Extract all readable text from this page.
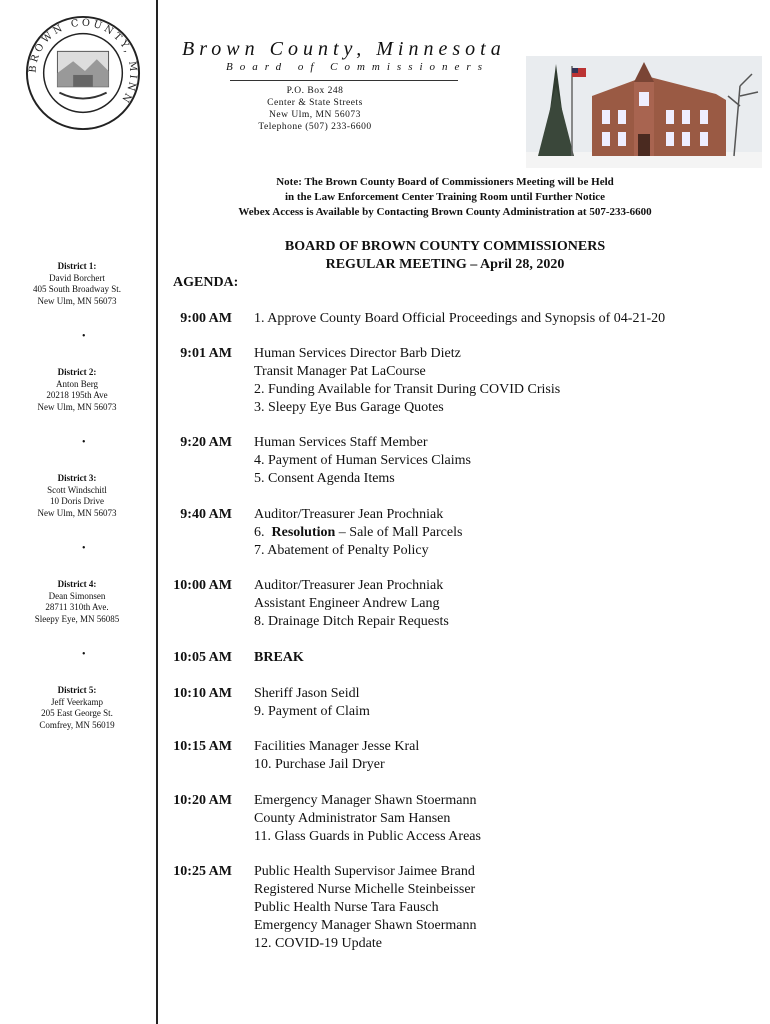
BROWN COUNTY, MINN
Brown County, Minnesota
Board of Commissioners
P.O. Box 248
Center & State Streets
New Ulm, MN 56073
Telephone (507) 233-6600
Note: The Brown County Board of Commissioners Meeting will be Held
in the Law Enforcement Center Training Room until Further Notice
Webex Access is Available by Contacting Brown County Administration at 507-233-6600
BOARD OF BROWN COUNTY COMMISSIONERS
REGULAR MEETING – April 28, 2020
AGENDA:
District 1:
David Borchert
405 South Broadway St.
New Ulm, MN 56073
•
District 2:
Anton Berg
20218 195th Ave
New Ulm, MN 56073
•
District 3:
Scott Windschitl
10 Doris Drive
New Ulm, MN 56073
•
District 4:
Dean Simonsen
28711 310th Ave.
Sleepy Eye, MN 56085
•
District 5:
Jeff Veerkamp
205 East George St.
Comfrey, MN 56019
9:00 AM 1. Approve County Board Official Proceedings and Synopsis of 04-21-20
9:01 AM Human Services Director Barb Dietz
Transit Manager Pat LaCourse
2. Funding Available for Transit During COVID Crisis
3. Sleepy Eye Bus Garage Quotes
9:20 AM Human Services Staff Member
4. Payment of Human Services Claims
5. Consent Agenda Items
9:40 AM Auditor/Treasurer Jean Prochniak
6.  Resolution – Sale of Mall Parcels
7. Abatement of Penalty Policy
10:00 AM Auditor/Treasurer Jean Prochniak
Assistant Engineer Andrew Lang
8. Drainage Ditch Repair Requests
10:05 AM BREAK
10:10 AM Sheriff Jason Seidl
9. Payment of Claim
10:15 AM Facilities Manager Jesse Kral
10. Purchase Jail Dryer
10:20 AM Emergency Manager Shawn Stoermann
County Administrator Sam Hansen
11. Glass Guards in Public Access Areas
10:25 AM Public Health Supervisor Jaimee Brand
Registered Nurse Michelle Steinbeisser
Public Health Nurse Tara Fausch
Emergency Manager Shawn Stoermann
12. COVID-19 Update
